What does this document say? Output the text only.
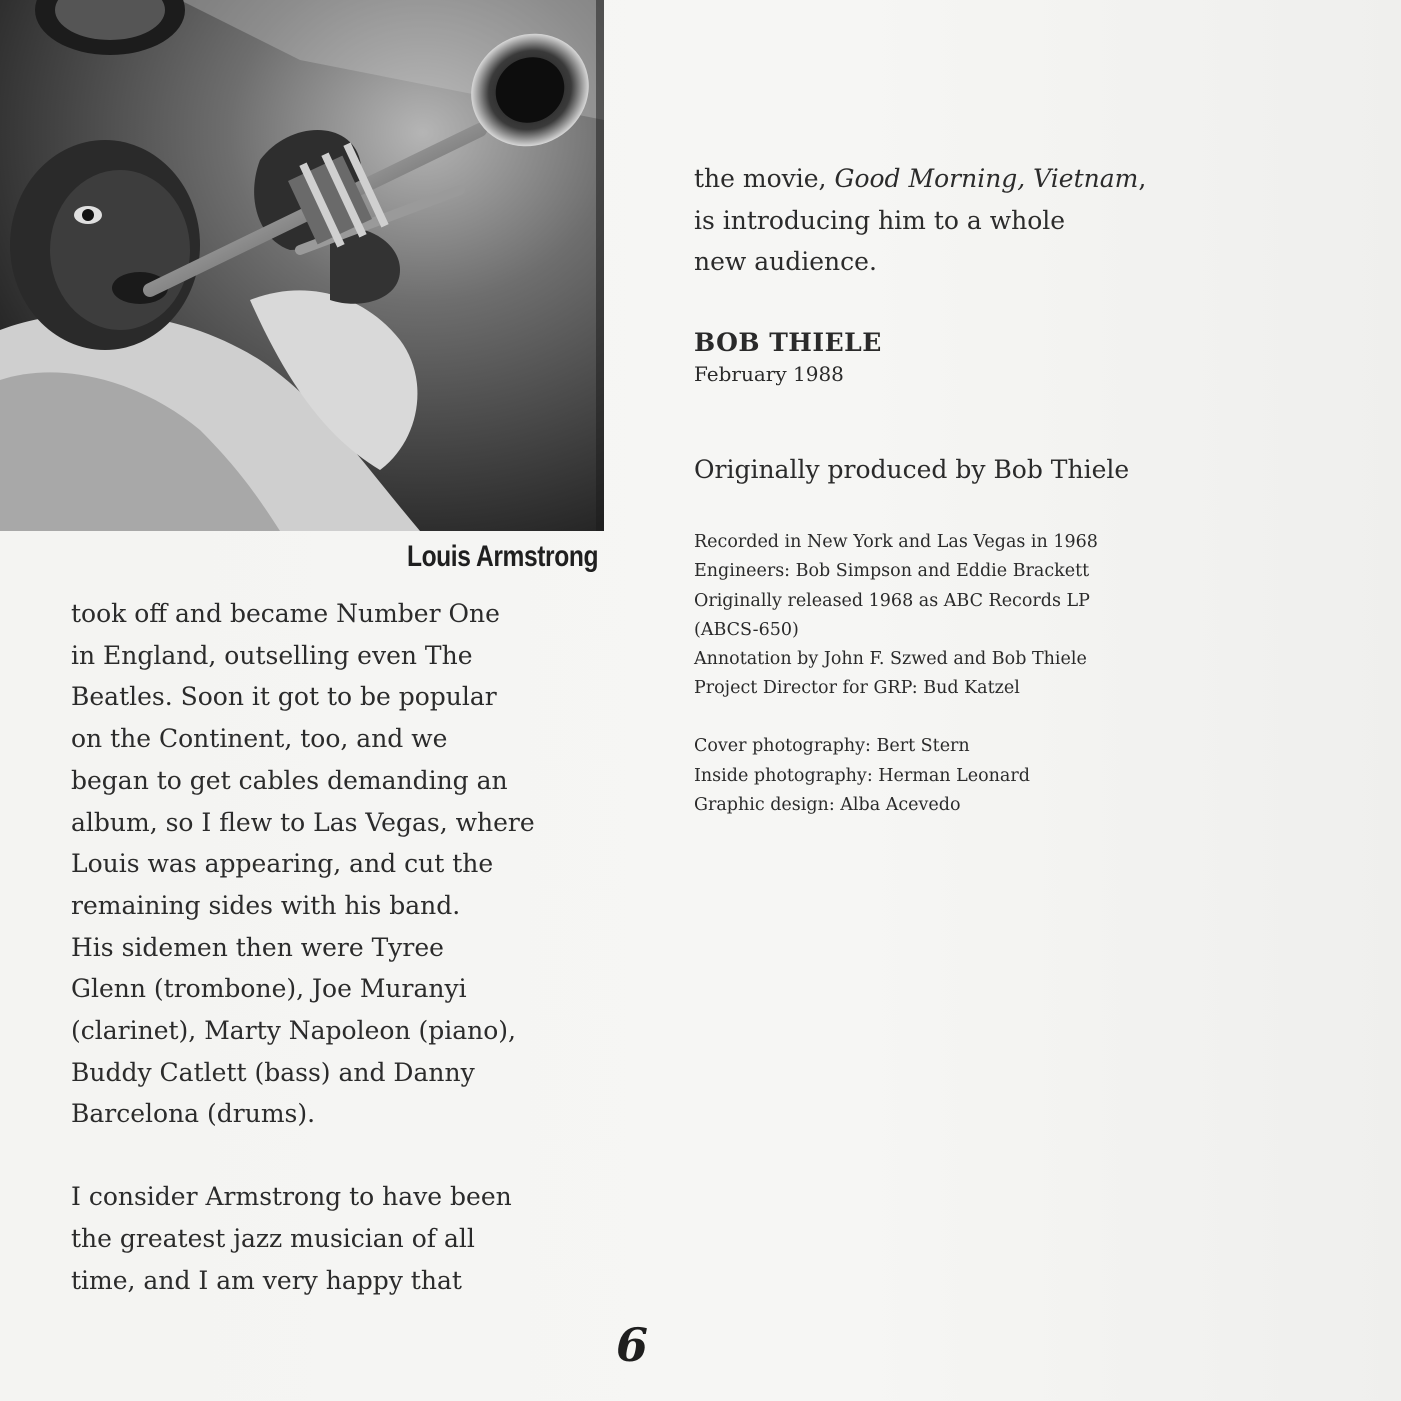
Louis Armstrong

took off and became Number One
in England, outselling even The
Beatles. Soon it got to be popular
on the Continent, too, and we
began to get cables demanding an
album, so I flew to Las Vegas, where
Louis was appearing, and cut the
remaining sides with his band.
His sidemen then were Tyree
Glenn (trombone), Joe Muranyi
(clarinet), Marty Napoleon (piano),
Buddy Catlett (bass) and Danny
Barcelona (drums).

I consider Armstrong to have been
the greatest jazz musician of all
time, and I am very happy that

the movie, Good Morning, Vietnam,
is introducing him to a whole
new audience.

BOB THIELE
February 1988
Originally produced by Bob Thiele
Recorded in New York and Las Vegas in 1968
Engineers: Bob Simpson and Eddie Brackett
Originally released 1968 as ABC Records LP
(ABCS-650)
Annotation by John F. Szwed and Bob Thiele
Project Director for GRP: Bud Katzel
Cover photography: Bert Stern
Inside photography: Herman Leonard
Graphic design: Alba Acevedo
6
